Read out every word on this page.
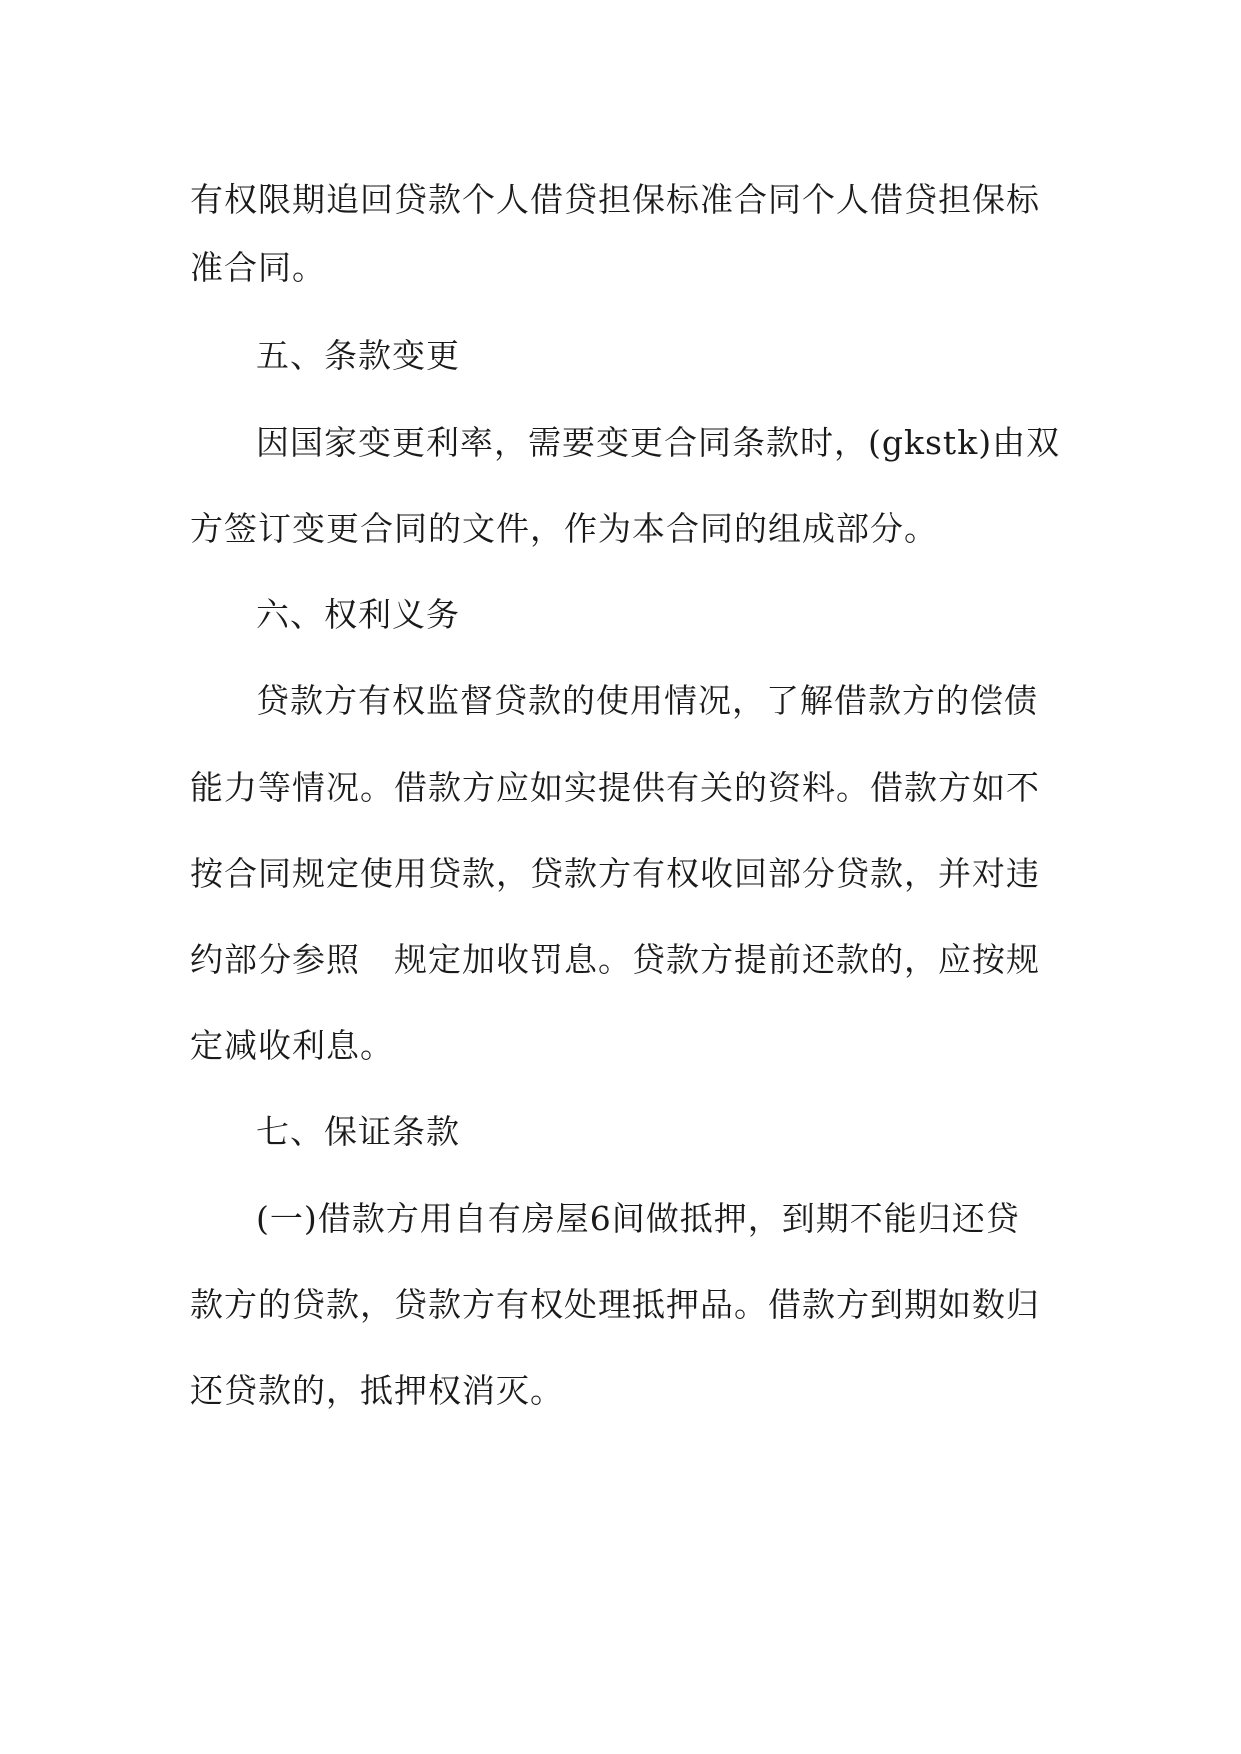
有权限期追回贷款个人借贷担保标准合同个人借贷担保标
准合同。
五、条款变更
因国家变更利率，需要变更合同条款时，(gkstk)由双
方签订变更合同的文件，作为本合同的组成部分。
六、权利义务
贷款方有权监督贷款的使用情况，了解借款方的偿债
能力等情况。借款方应如实提供有关的资料。借款方如不
按合同规定使用贷款，贷款方有权收回部分贷款，并对违
约部分参照　规定加收罚息。贷款方提前还款的，应按规
定减收利息。
七、保证条款
(一)借款方用自有房屋6间做抵押，到期不能归还贷
款方的贷款，贷款方有权处理抵押品。借款方到期如数归
还贷款的，抵押权消灭。
